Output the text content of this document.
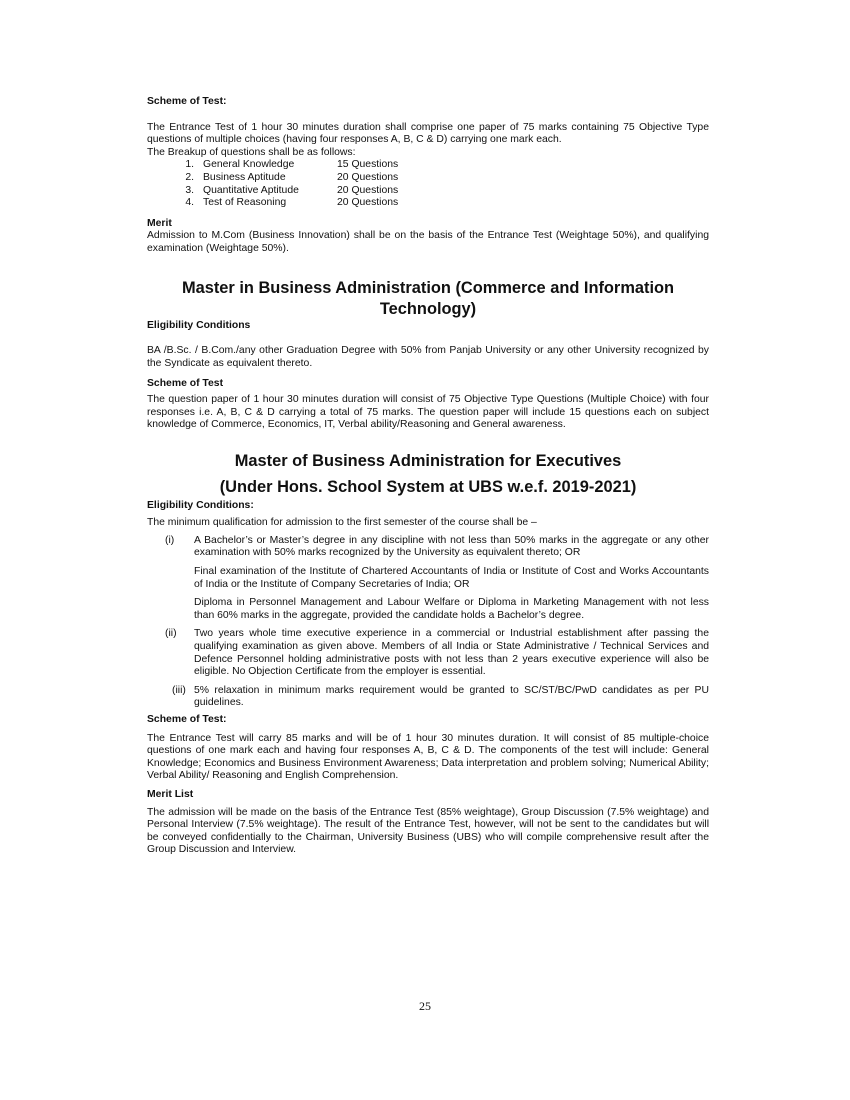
Scheme of Test:

The Entrance Test of 1 hour 30 minutes duration shall comprise one paper of 75 marks containing 75 Objective Type questions of multiple choices (having four responses A, B, C & D) carrying one mark each.

The Breakup of questions shall be as follows:

1. General Knowledge	15 Questions
2. Business Aptitude	20 Questions
3. Quantitative Aptitude	20 Questions
4. Test of Reasoning	20 Questions
Merit

Admission to M.Com (Business Innovation) shall be on the basis of the Entrance Test (Weightage 50%), and qualifying examination (Weightage 50%).

Master in Business Administration (Commerce and Information Technology)
Eligibility Conditions

BA /B.Sc. / B.Com./any other Graduation Degree with 50% from Panjab University or any other University recognized by the Syndicate as equivalent thereto.

Scheme of Test

The question paper of 1 hour 30 minutes duration will consist of 75 Objective Type Questions (Multiple Choice) with four responses i.e. A, B, C & D carrying a total of 75 marks. The question paper will include 15 questions each on subject knowledge of Commerce, Economics, IT, Verbal ability/Reasoning and General awareness.

Master of Business Administration for Executives
(Under Hons. School System at UBS w.e.f. 2019-2021)
Eligibility Conditions:

The minimum qualification for admission to the first semester of the course shall be –

(i)	A Bachelor’s or Master’s degree in any discipline with not less than 50% marks in the aggregate or any other examination with 50% marks recognized by the University as equivalent thereto; OR

Final examination of the Institute of Chartered Accountants of India or Institute of Cost and Works Accountants of India or the Institute of Company Secretaries of India; OR

Diploma in Personnel Management and Labour Welfare or Diploma in Marketing Management with not less than 60% marks in the aggregate, provided the candidate holds a Bachelor’s degree.

(ii)	Two years whole time executive experience in a commercial or Industrial establishment after passing the qualifying examination as given above. Members of all India or State Administrative / Technical Services and Defence Personnel holding administrative posts with not less than 2 years executive experience will also be eligible. No Objection Certificate from the employer is essential.

(iii) 5% relaxation in minimum marks requirement would be granted to SC/ST/BC/PwD candidates as per PU guidelines.

Scheme of Test:

The Entrance Test will carry 85 marks and will be of 1 hour 30 minutes duration. It will consist of 85 multiple-choice questions of one mark each and having four responses A, B, C & D. The components of the test will include: General Knowledge; Economics and Business Environment Awareness; Data interpretation and problem solving; Numerical Ability; Verbal Ability/ Reasoning and English Comprehension.

Merit List

The admission will be made on the basis of the Entrance Test (85% weightage), Group Discussion (7.5% weightage) and Personal Interview (7.5% weightage). The result of the Entrance Test, however, will not be sent to the candidates but will be conveyed confidentially to the Chairman, University Business (UBS) who will compile comprehensive result after the Group Discussion and Interview.

25
